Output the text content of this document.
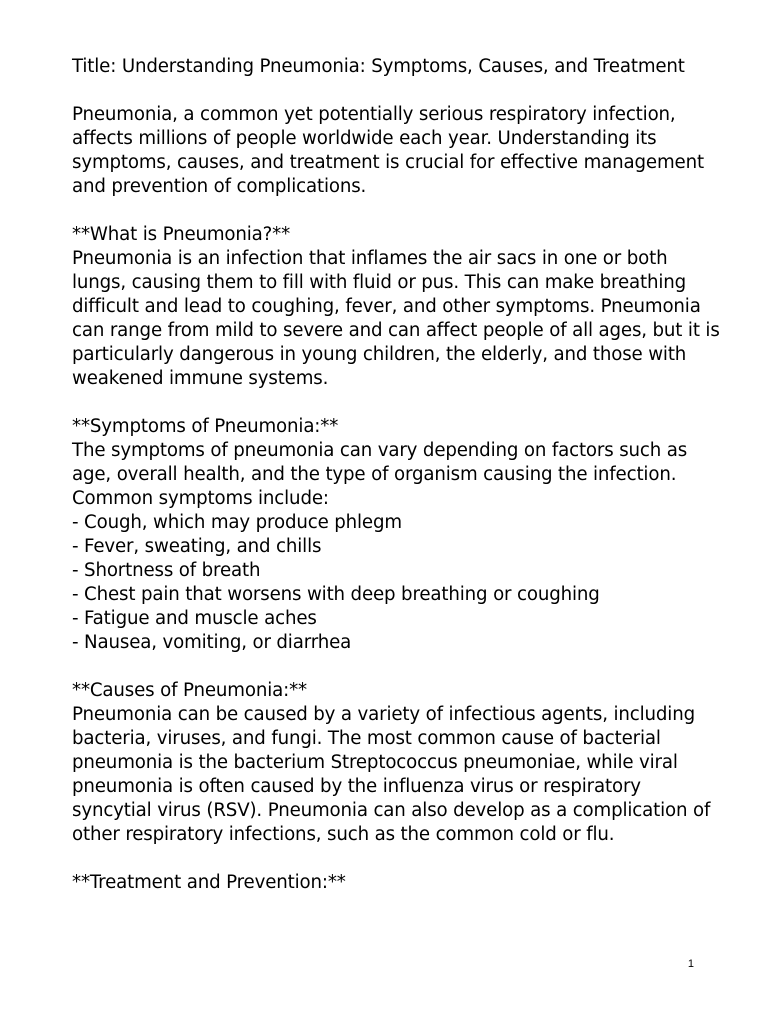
Title: Understanding Pneumonia: Symptoms, Causes, and Treatment

Pneumonia, a common yet potentially serious respiratory infection, affects millions of people worldwide each year. Understanding its symptoms, causes, and treatment is crucial for effective management and prevention of complications.

**What is Pneumonia?**

Pneumonia is an infection that inflames the air sacs in one or both lungs, causing them to fill with fluid or pus. This can make breathing difficult and lead to coughing, fever, and other symptoms. Pneumonia can range from mild to severe and can affect people of all ages, but it is particularly dangerous in young children, the elderly, and those with weakened immune systems.

**Symptoms of Pneumonia:**

The symptoms of pneumonia can vary depending on factors such as age, overall health, and the type of organism causing the infection. Common symptoms include:

- Cough, which may produce phlegm

- Fever, sweating, and chills

- Shortness of breath

- Chest pain that worsens with deep breathing or coughing

- Fatigue and muscle aches

- Nausea, vomiting, or diarrhea

**Causes of Pneumonia:**

Pneumonia can be caused by a variety of infectious agents, including bacteria, viruses, and fungi. The most common cause of bacterial pneumonia is the bacterium Streptococcus pneumoniae, while viral pneumonia is often caused by the influenza virus or respiratory syncytial virus (RSV). Pneumonia can also develop as a complication of other respiratory infections, such as the common cold or flu.

**Treatment and Prevention:**

1
